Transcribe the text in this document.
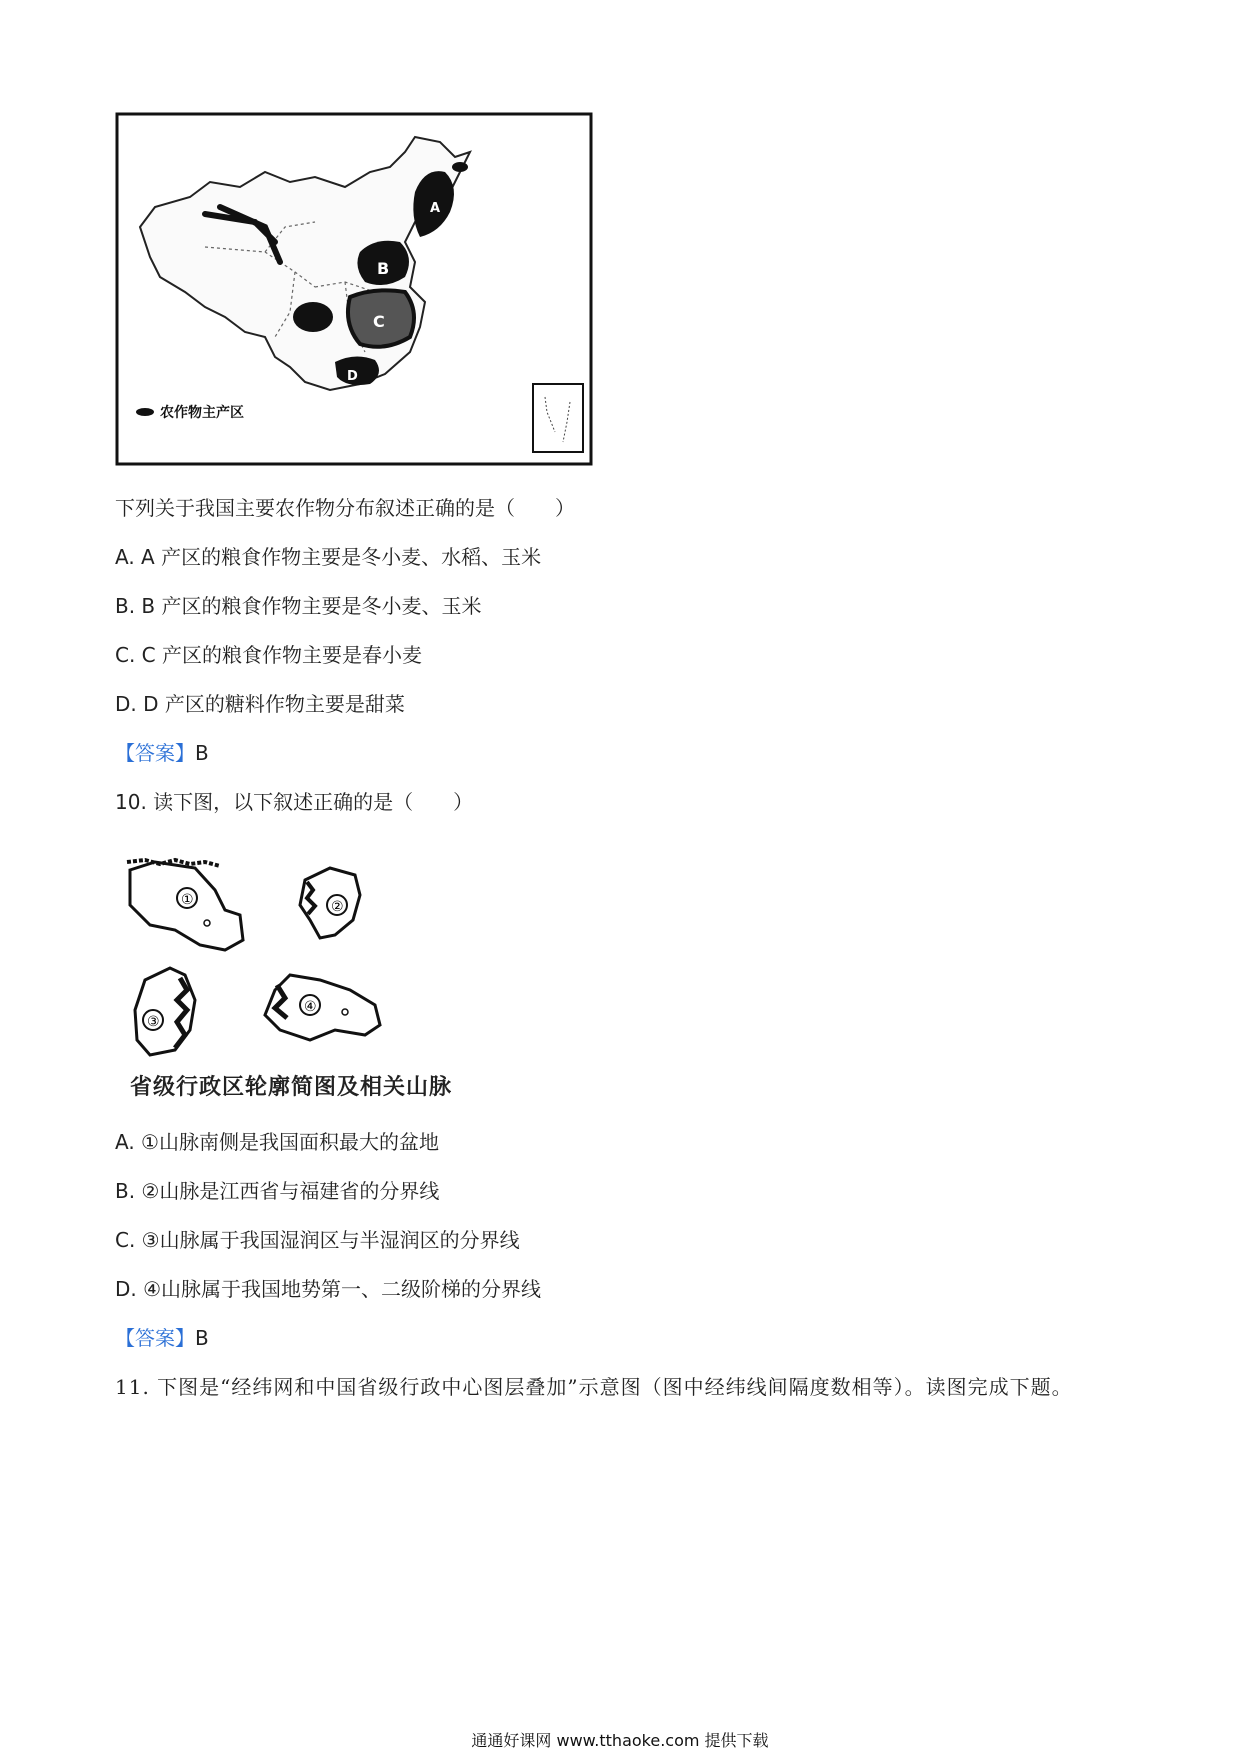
A
B
C
D
农作物主产区
下列关于我国主要农作物分布叙述正确的是（　　）
A. A 产区的粮食作物主要是冬小麦、水稻、玉米
B. B 产区的粮食作物主要是冬小麦、玉米
C. C 产区的粮食作物主要是春小麦
D. D 产区的糖料作物主要是甜菜
【答案】B
10. 读下图，以下叙述正确的是（　　）
①	②
③
④
省级行政区轮廓简图及相关山脉
A. ①山脉南侧是我国面积最大的盆地
B. ②山脉是江西省与福建省的分界线
C. ③山脉属于我国湿润区与半湿润区的分界线
D. ④山脉属于我国地势第一、二级阶梯的分界线
【答案】B
11. 下图是“经纬网和中国省级行政中心图层叠加”示意图（图中经纬线间隔度数相等）。读图完成下题。
通通好课网 www.tthaoke.com 提供下载
